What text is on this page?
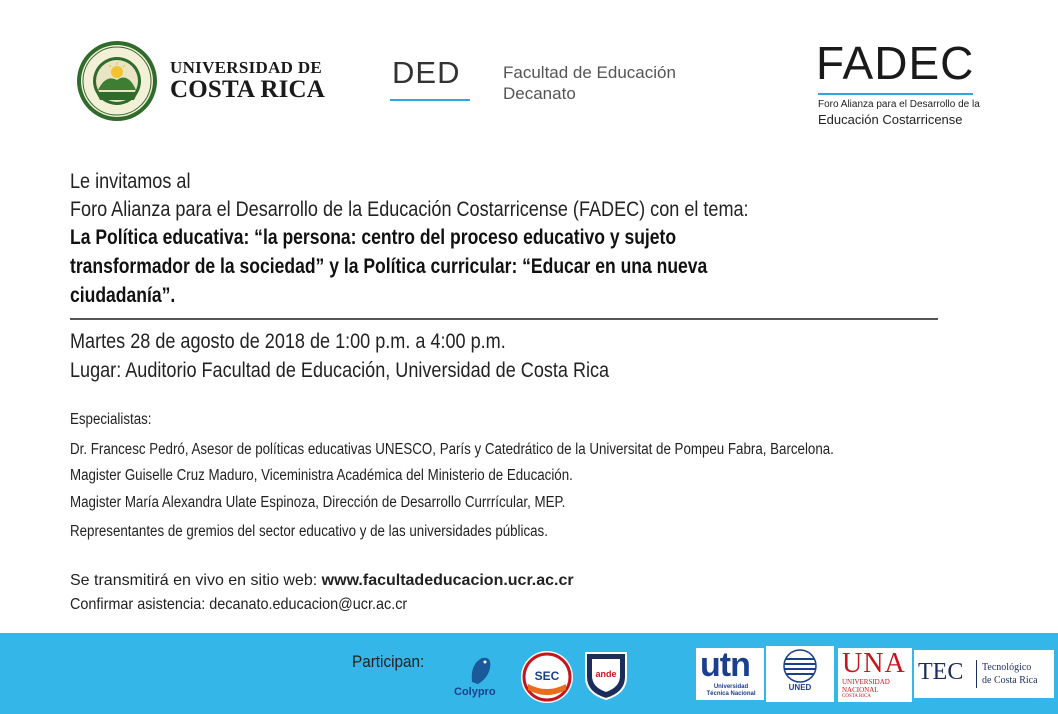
UNIVERSIDAD DE
COSTA RICA DED	Facultad de Educación
Decanato
FADEC
Foro Alianza para el Desarrollo de la
Educación Costarricense
Le invitamos al
Foro Alianza para el Desarrollo de la Educación Costarricense (FADEC) con el tema:
La Política educativa: “la persona: centro del proceso educativo y sujeto
transformador de la sociedad” y la Política curricular: “Educar en una nueva
ciudadanía”.
Martes 28 de agosto de 2018 de 1:00 p.m. a 4:00 p.m.
Lugar: Auditorio Facultad de Educación, Universidad de Costa Rica
Especialistas:
Dr. Francesc Pedró, Asesor de políticas educativas UNESCO, París y Catedrático de la Universitat de Pompeu Fabra, Barcelona.
Magister Guiselle Cruz Maduro, Viceministra Académica del Ministerio de Educación.
Magister María Alexandra Ulate Espinoza, Dirección de Desarrollo Currrícular, MEP.
Representantes de gremios del sector educativo y de las universidades públicas.
Se transmitirá en vivo en sitio web: www.facultadeducacion.ucr.ac.cr
Confirmar asistencia: decanato.educacion@ucr.ac.cr
Participan:
Colypro
SEC	ande utn
Universidad
Técnica Nacional
UNED
UNA
UNIVERSIDAD
NACIONAL
COSTA RICA
TEC Tecnológico
de Costa Rica
